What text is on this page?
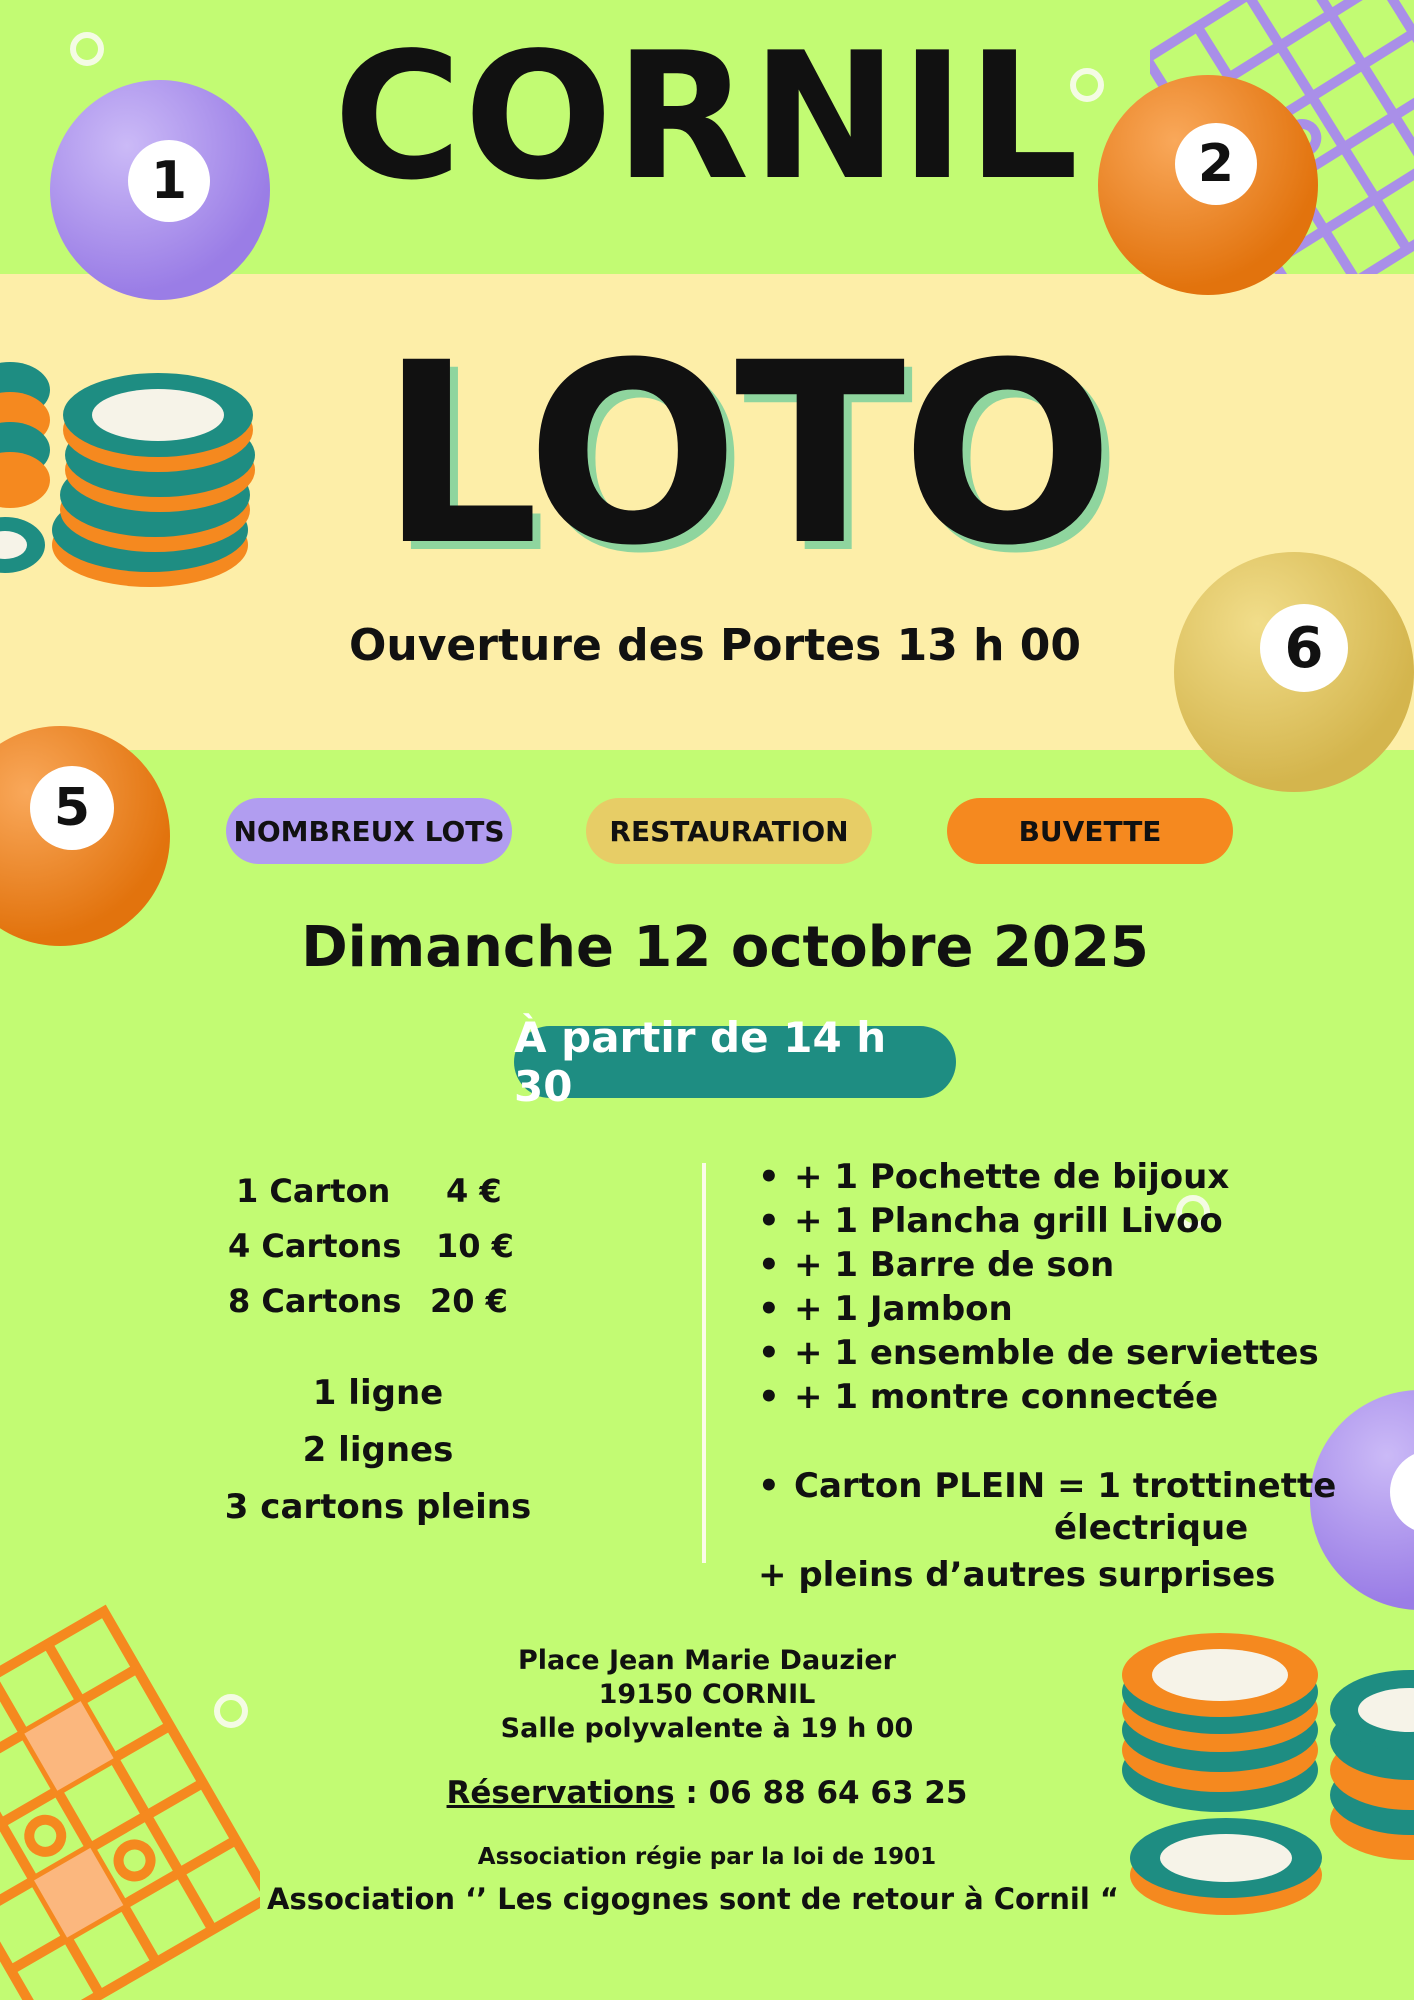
1	2
6
5
CORNIL
LOTO
Ouverture des Portes 13 h 00
NOMBREUX LOTS	RESTAURATION	BUVETTE
Dimanche 12 octobre 2025
À partir de 14 h 30
1 Carton 4 €
4 Cartons 10 €
8 Cartons 20 €
1 ligne
2 lignes
3 cartons pleins
• + 1 Pochette de bijoux
• + 1 Plancha grill Livoo
• + 1 Barre de son
• + 1 Jambon
• + 1 ensemble de serviettes
• + 1 montre connectée
• Carton PLEIN = 1 trottinette
électrique
+ pleins d’autres surprises
Place Jean Marie Dauzier
19150 CORNIL
Salle polyvalente à 19 h 00
Réservations : 06 88 64 63 25
Association régie par la loi de 1901
Association ‘’ Les cigognes sont de retour à Cornil “
